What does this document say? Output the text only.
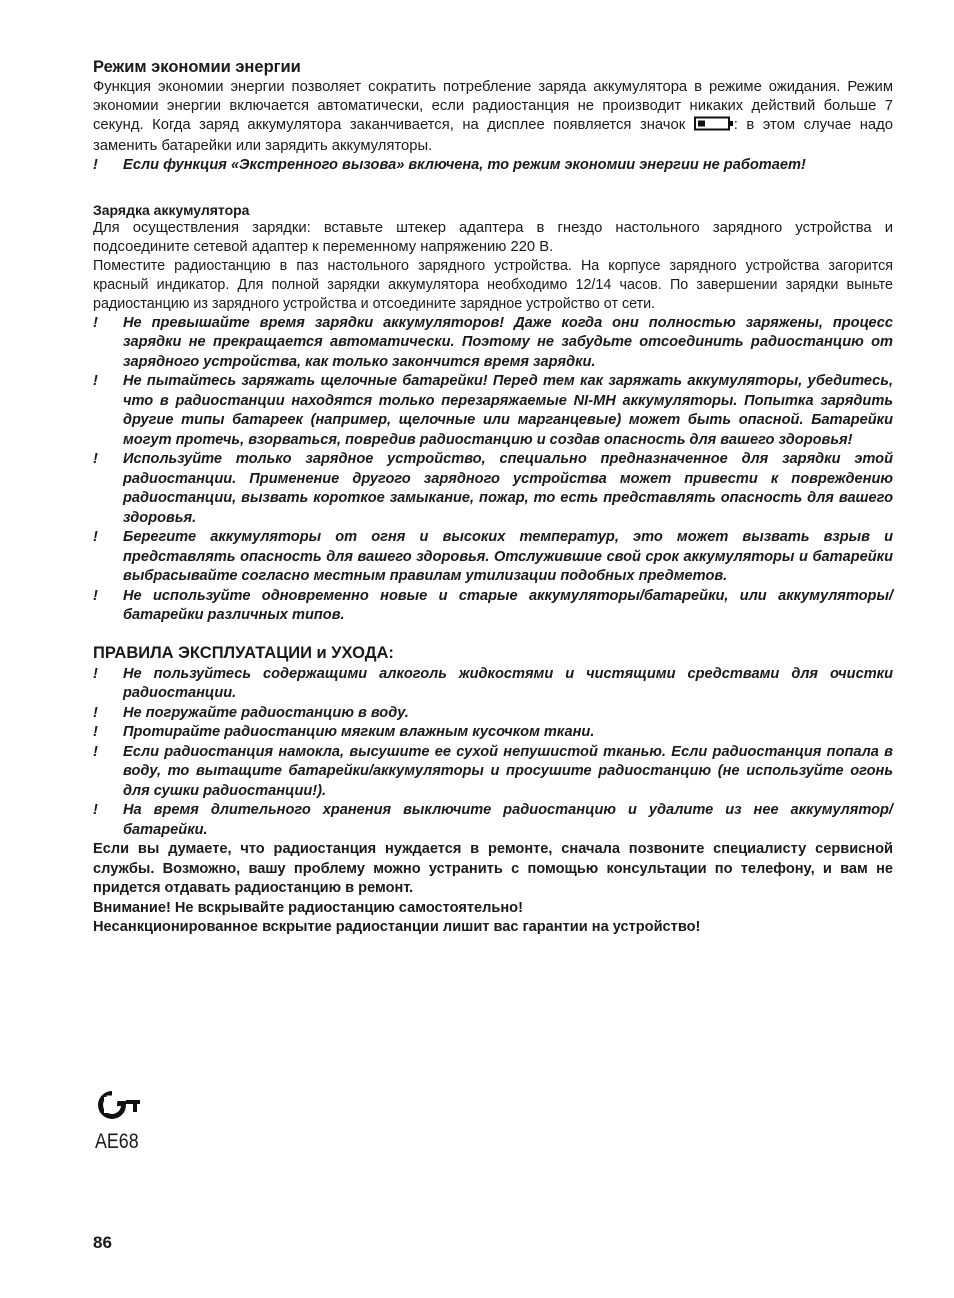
Режим экономии энергии

Функция экономии энергии позволяет сократить потребление заряда аккумулятора в режиме ожидания. Режим экономии энергии включается автоматически, если радиостанция не производит никаких действий больше 7 секунд. Когда заряд аккумулятора заканчивается, на дисплее появляется значок	: в этом случае надо заменить батарейки или зарядить аккумуляторы.

!	Если функция «Экстренного вызова» включена, то режим экономии энергии не работает!
Зарядка аккумулятора

Для осуществления зарядки: вставьте штекер адаптера в гнездо настольного зарядного устройства и подсоедините сетевой адаптер к переменному напряжению 220 В.

Поместите радиостанцию в паз настольного зарядного устройства. На корпусе зарядного устройства загорится красный индикатор. Для полной зарядки аккумулятора необходимо 12/14 часов. По завершении зарядки выньте радиостанцию из зарядного устройства и отсоедините зарядное устройство от сети.

!	Не превышайте время зарядки аккумуляторов! Даже когда они полностью заряжены, процесс зарядки не прекращается автоматически. Поэтому не забудьте отсоединить радиостанцию от зарядного устройства, как только закончится время зарядки.
!	Не пытайтесь заряжать щелочные батарейки! Перед тем как заряжать аккумуляторы, убедитесь, что в радиостанции находятся только перезаряжаемые NI-MH аккумуляторы. Попытка зарядить другие типы батареек (например, щелочные или марганцевые) может быть опасной. Батарейки могут протечь, взорваться, повредив радиостанцию и создав опасность для вашего здоровья!
!	Используйте только зарядное устройство, специально предназначенное для зарядки этой радиостанции. Применение другого зарядного устройства может привести к повреждению радиостанции, вызвать короткое замыкание, пожар, то есть представлять опасность для вашего здоровья.
!	Берегите аккумуляторы от огня и высоких температур, это может вызвать взрыв и представлять опасность для вашего здоровья. Отслужившие свой срок аккумуляторы и батарейки выбрасывайте согласно местным правилам утилизации подобных предметов.
!	Не используйте одновременно новые и старые аккумуляторы/батарейки, или аккумуляторы/батарейки различных типов.
ПРАВИЛА ЭКСПЛУАТАЦИИ и УХОДА:
!	Не пользуйтесь содержащими алкоголь жидкостями и чистящими средствами для очистки радиостанции.
!	Не погружайте радиостанцию в воду.
!	Протирайте радиостанцию мягким влажным кусочком ткани.
!	Если радиостанция намокла, высушите ее сухой непушистой тканью. Если радиостанция попала в воду, то вытащите батарейки/аккумуляторы и просушите радиостанцию (не используйте огонь для сушки радиостанции!).
!	На время длительного хранения выключите радиостанцию и удалите из нее аккумулятор/батарейки.

Если вы думаете, что радиостанция нуждается в ремонте, сначала позвоните специалисту сервисной службы. Возможно, вашу проблему можно устранить с помощью консультации по телефону, и вам не придется отдавать радиостанцию в ремонт.

Внимание! Не вскрывайте радиостанцию самостоятельно!

Несанкционированное вскрытие радиостанции лишит вас гарантии на устройство!

AE68
86
